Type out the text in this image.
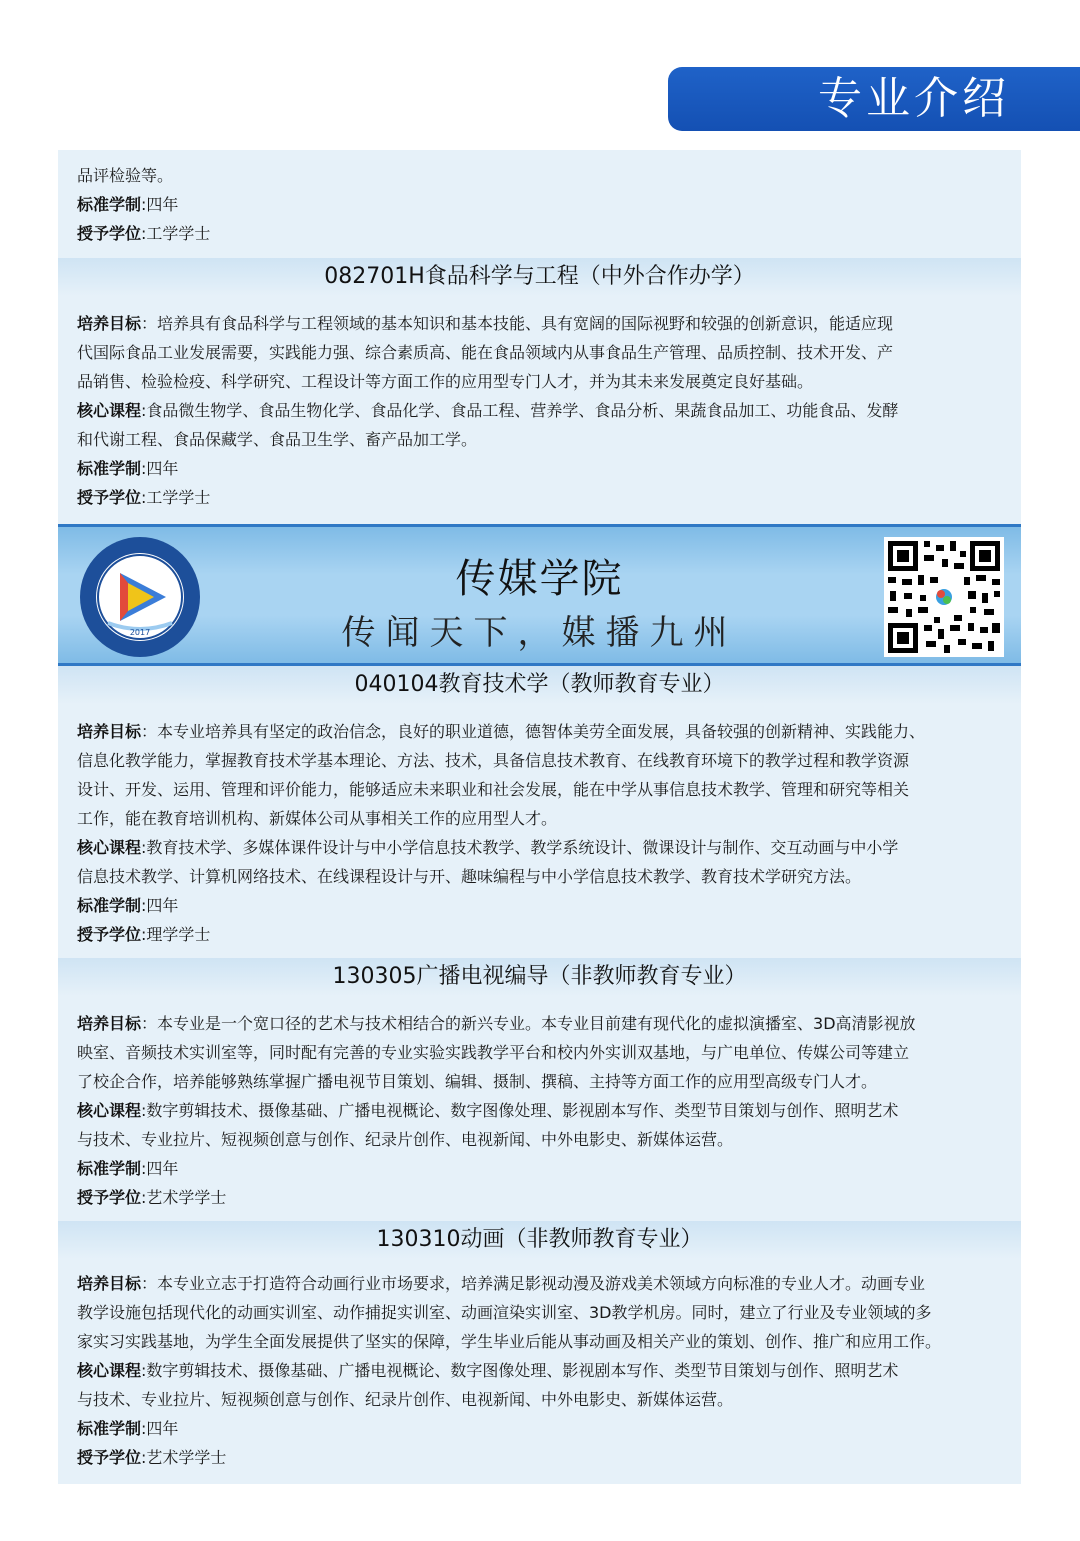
专业介绍
品评检验等。
标准学制:四年
授予学位:工学学士
082701H食品科学与工程（中外合作办学）
培养目标：培养具有食品科学与工程领域的基本知识和基本技能、具有宽阔的国际视野和较强的创新意识，能适应现
代国际食品工业发展需要，实践能力强、综合素质高、能在食品领域内从事食品生产管理、品质控制、技术开发、产
品销售、检验检疫、科学研究、工程设计等方面工作的应用型专门人才，并为其未来发展奠定良好基础。
核心课程:食品微生物学、食品生物化学、食品化学、食品工程、营养学、食品分析、果蔬食品加工、功能食品、发酵
和代谢工程、食品保藏学、食品卫生学、畜产品加工学。
标准学制:四年
授予学位:工学学士
2017
传媒学院
传闻天下，媒播九州
040104教育技术学（教师教育专业）
培养目标：本专业培养具有坚定的政治信念，良好的职业道德，德智体美劳全面发展，具备较强的创新精神、实践能力、
信息化教学能力，掌握教育技术学基本理论、方法、技术，具备信息技术教育、在线教育环境下的教学过程和教学资源
设计、开发、运用、管理和评价能力，能够适应未来职业和社会发展，能在中学从事信息技术教学、管理和研究等相关
工作，能在教育培训机构、新媒体公司从事相关工作的应用型人才。
核心课程:教育技术学、多媒体课件设计与中小学信息技术教学、教学系统设计、微课设计与制作、交互动画与中小学
信息技术教学、计算机网络技术、在线课程设计与开、趣味编程与中小学信息技术教学、教育技术学研究方法。
标准学制:四年
授予学位:理学学士
130305广播电视编导（非教师教育专业）
培养目标：本专业是一个宽口径的艺术与技术相结合的新兴专业。本专业目前建有现代化的虚拟演播室、3D高清影视放
映室、音频技术实训室等，同时配有完善的专业实验实践教学平台和校内外实训双基地，与广电单位、传媒公司等建立
了校企合作，培养能够熟练掌握广播电视节目策划、编辑、摄制、撰稿、主持等方面工作的应用型高级专门人才。
核心课程:数字剪辑技术、摄像基础、广播电视概论、数字图像处理、影视剧本写作、类型节目策划与创作、照明艺术
与技术、专业拉片、短视频创意与创作、纪录片创作、电视新闻、中外电影史、新媒体运营。
标准学制:四年
授予学位:艺术学学士
130310动画（非教师教育专业）
培养目标：本专业立志于打造符合动画行业市场要求，培养满足影视动漫及游戏美术领域方向标准的专业人才。动画专业
教学设施包括现代化的动画实训室、动作捕捉实训室、动画渲染实训室、3D教学机房。同时，建立了行业及专业领域的多
家实习实践基地，为学生全面发展提供了坚实的保障，学生毕业后能从事动画及相关产业的策划、创作、推广和应用工作。
核心课程:数字剪辑技术、摄像基础、广播电视概论、数字图像处理、影视剧本写作、类型节目策划与创作、照明艺术
与技术、专业拉片、短视频创意与创作、纪录片创作、电视新闻、中外电影史、新媒体运营。
标准学制:四年
授予学位:艺术学学士
